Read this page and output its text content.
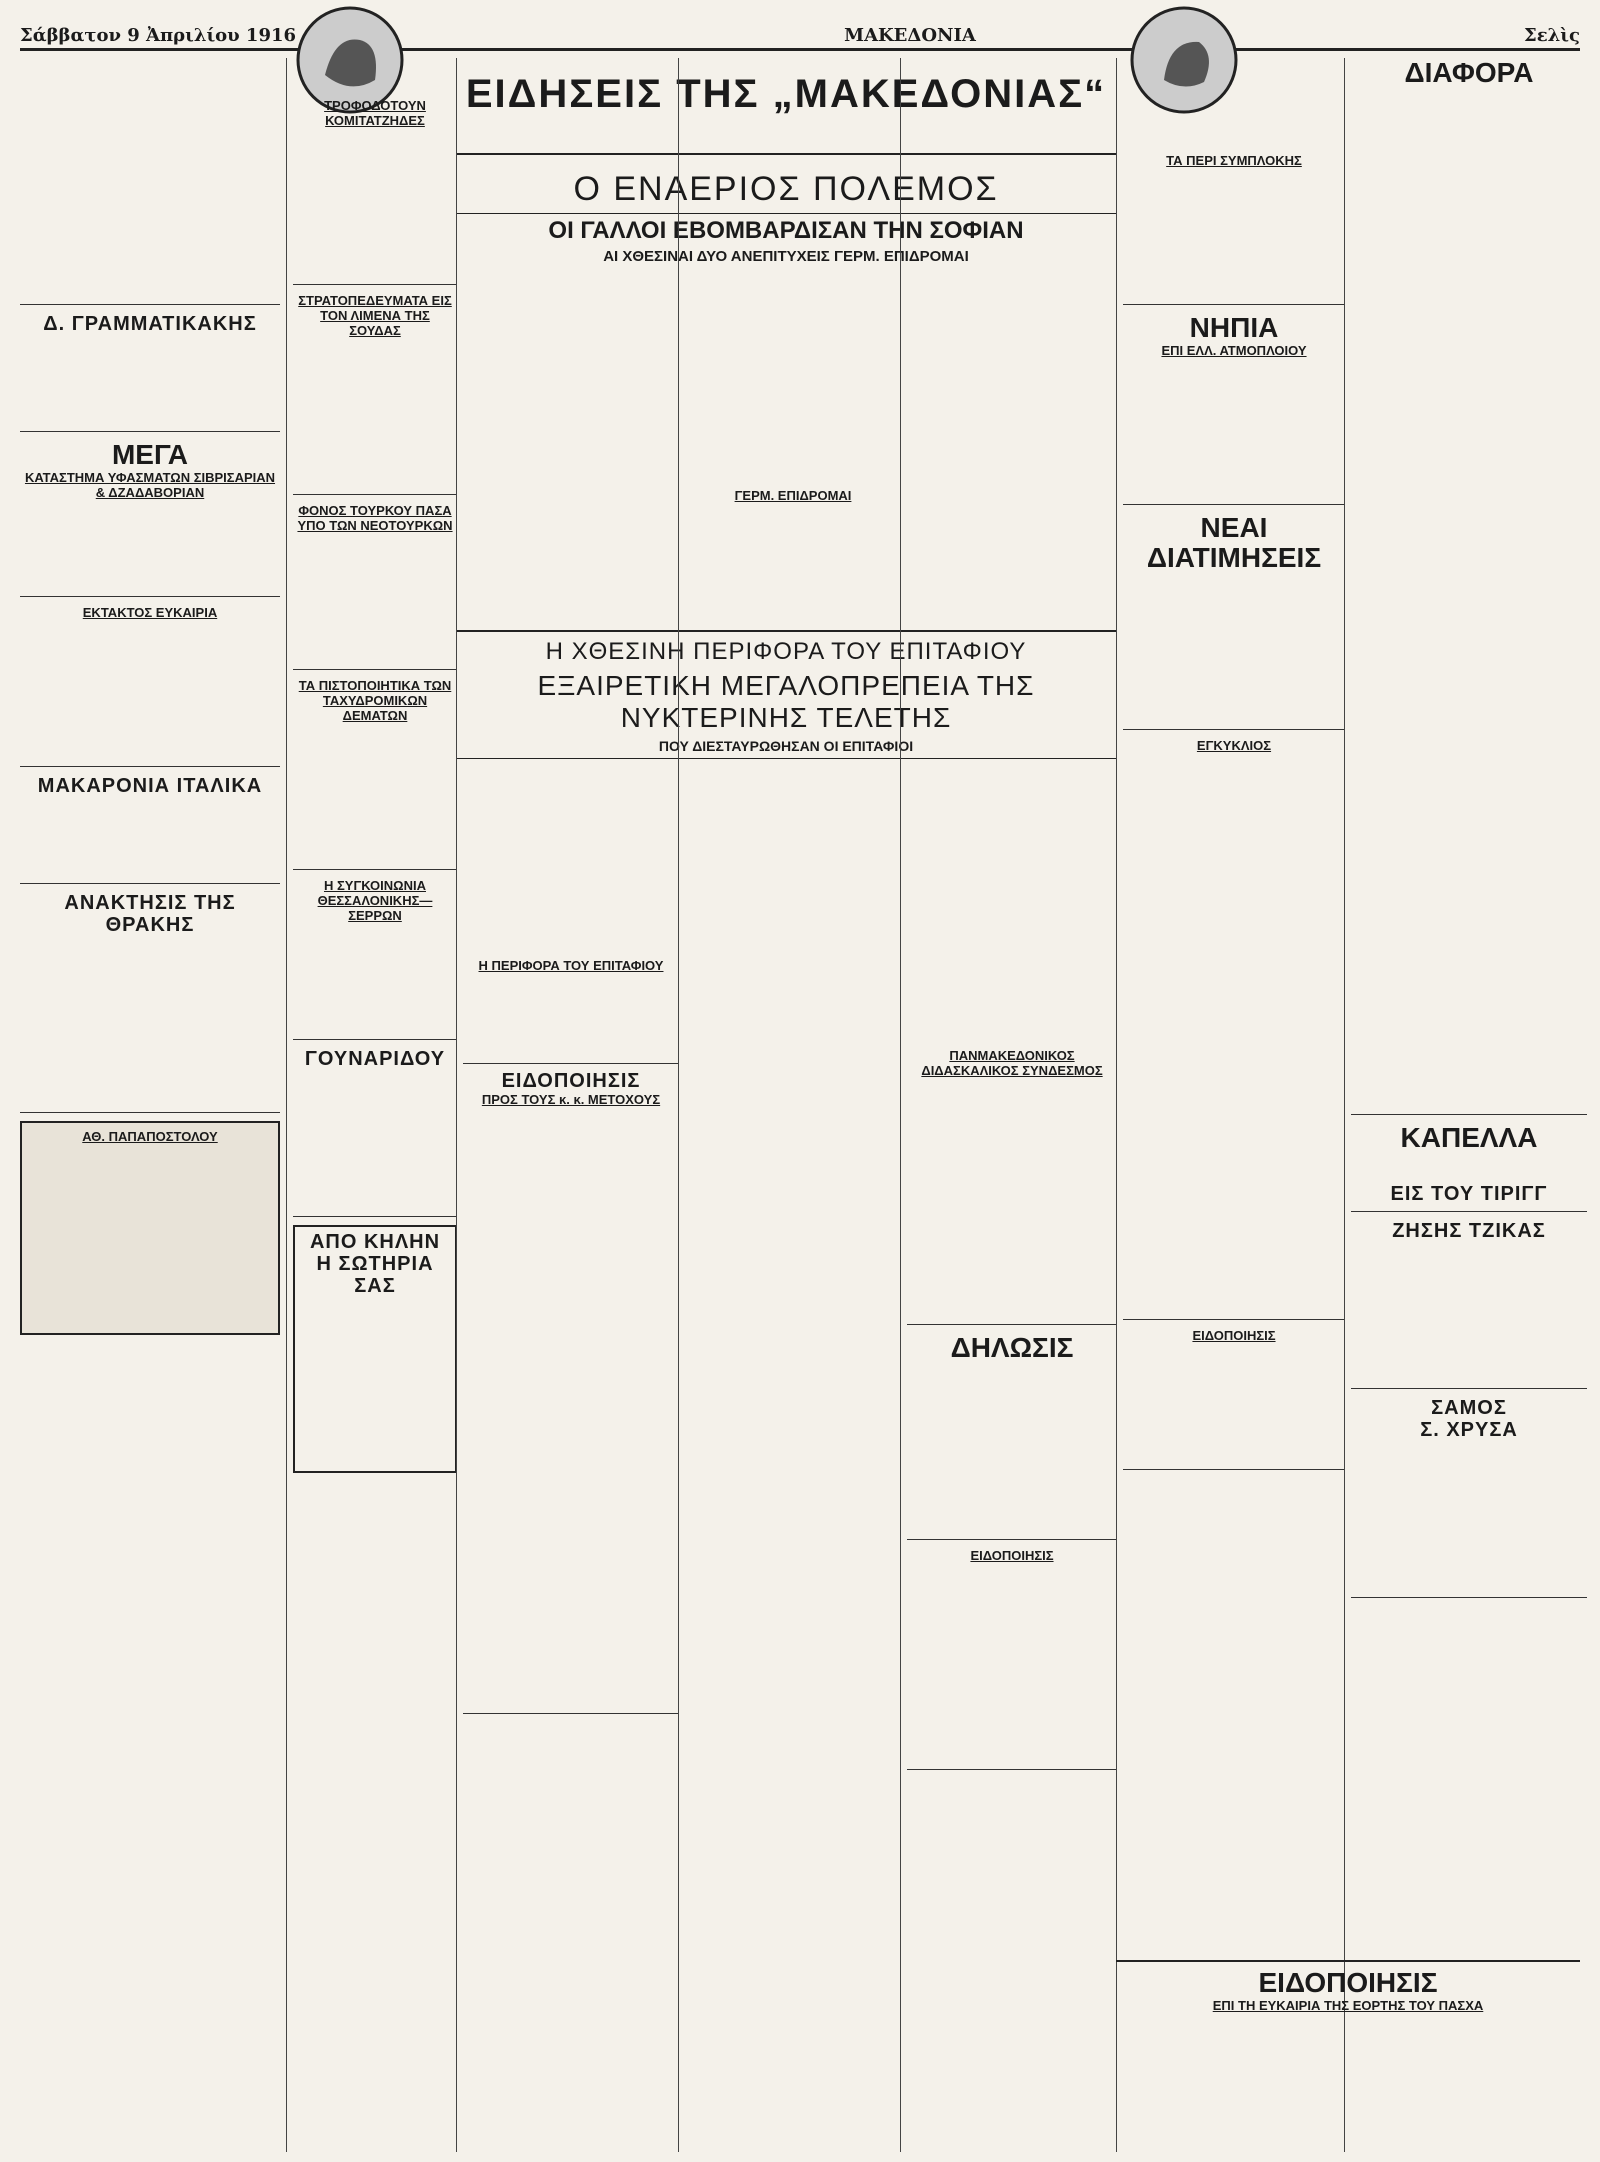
Σάββατον 9 Ἀπριλίου 1916	ΜΑΚΕΔΟΝΙΑ	Σελὶς
ΕΙΔΗΣΕΙΣ ΤΗΣ „ΜΑΚΕΔΟΝΙΑΣ“
Ο ΕΝΑΕΡΙΟΣ ΠΟΛΕΜΟΣ
ΟΙ ΓΑΛΛΟΙ ΕΒΟΜΒΑΡΔΙΣΑΝ ΤΗΝ ΣΟΦΙΑΝ
ΑΙ ΧΘΕΣΙΝΑΙ ΔΥΟ ΑΝΕΠΙΤΥΧΕΙΣ ΓΕΡΜ. ΕΠΙΔΡΟΜΑΙ
Η ΧΘΕΣΙΝΗ ΠΕΡΙΦΟΡΑ ΤΟΥ ΕΠΙΤΑΦΙΟΥ
ΕΞΑΙΡΕΤΙΚΗ ΜΕΓΑΛΟΠΡΕΠΕΙΑ ΤΗΣ ΝΥΚΤΕΡΙΝΗΣ ΤΕΛΕΤΗΣ
ΠΟΥ ΔΙΕΣΤΑΥΡΩΘΗΣΑΝ ΟΙ ΕΠΙΤΑΦΙΟΙ
Δ. ΓΡΑΜΜΑΤΙΚΑΚΗΣ
ΜΕΓΑ
ΚΑΤΑΣΤΗΜΑ ΥΦΑΣΜΑΤΩΝ ΣΙΒΡΙΣΑΡΙΑΝ & ΔΖΑΔΑΒΟΡΙΑΝ
ΕΚΤΑΚΤΟΣ ΕΥΚΑΙΡΙΑ
ΜΑΚΑΡΟΝΙΑ ΙΤΑΛΙΚΑ
ΑΝΑΚΤΗΣΙΣ ΤΗΣ ΘΡΑΚΗΣ
ΑΘ. ΠΑΠΑΠΟΣΤΟΛΟΥ
ΤΡΟΦΟΔΟΤΟΥΝ ΚΟΜΙΤΑΤΖΗΔΕΣ
ΣΤΡΑΤΟΠΕΔΕΥΜΑΤΑ ΕΙΣ ΤΟΝ ΛΙΜΕΝΑ ΤΗΣ ΣΟΥΔΑΣ
ΦΟΝΟΣ ΤΟΥΡΚΟΥ ΠΑΣΑ ΥΠΟ ΤΩΝ ΝΕΟΤΟΥΡΚΩΝ
ΤΑ ΠΙΣΤΟΠΟΙΗΤΙΚΑ ΤΩΝ ΤΑΧΥΔΡΟΜΙΚΩΝ ΔΕΜΑΤΩΝ
Η ΣΥΓΚΟΙΝΩΝΙΑ ΘΕΣΣΑΛΟΝΙΚΗΣ—ΣΕΡΡΩΝ
ΓΟΥΝΑΡΙΔΟΥ
ΑΠΟ ΚΗΛΗΝ
Η ΣΩΤΗΡΙΑ ΣΑΣ
Η ΠΕΡΙΦΟΡΑ ΤΟΥ ΕΠΙΤΑΦΙΟΥ
ΕΙΔΟΠΟΙΗΣΙΣ
ΠΡΟΣ ΤΟΥΣ κ. κ. ΜΕΤΟΧΟΥΣ
ΓΕΡΜ. ΕΠΙΔΡΟΜΑΙ
ΠΑΝΜΑΚΕΔΟΝΙΚΟΣ ΔΙΔΑΣΚΑΛΙΚΟΣ ΣΥΝΔΕΣΜΟΣ
ΔΗΛΩΣΙΣ
ΕΙΔΟΠΟΙΗΣΙΣ
ΤΑ ΠΕΡΙ ΣΥΜΠΛΟΚΗΣ
ΝΗΠΙΑ
ΕΠΙ ΕΛΛ. ΑΤΜΟΠΛΟΙΟΥ
ΝΕΑΙ ΔΙΑΤΙΜΗΣΕΙΣ
ΕΓΚΥΚΛΙΟΣ
ΕΙΔΟΠΟΙΗΣΙΣ
ΔΙΑΦΟΡΑ
ΚΑΠΕΛΛΑ
ΕΙΣ ΤΟΥ ΤΙΡΙΓΓ
ΖΗΣΗΣ ΤΖΙΚΑΣ
ΣΑΜΟΣ
Σ. ΧΡΥΣΑ
ΕΙΔΟΠΟΙΗΣΙΣ
ΕΠΙ ΤΗ ΕΥΚΑΙΡΙΑ ΤΗΣ ΕΟΡΤΗΣ ΤΟΥ ΠΑΣΧΑ
